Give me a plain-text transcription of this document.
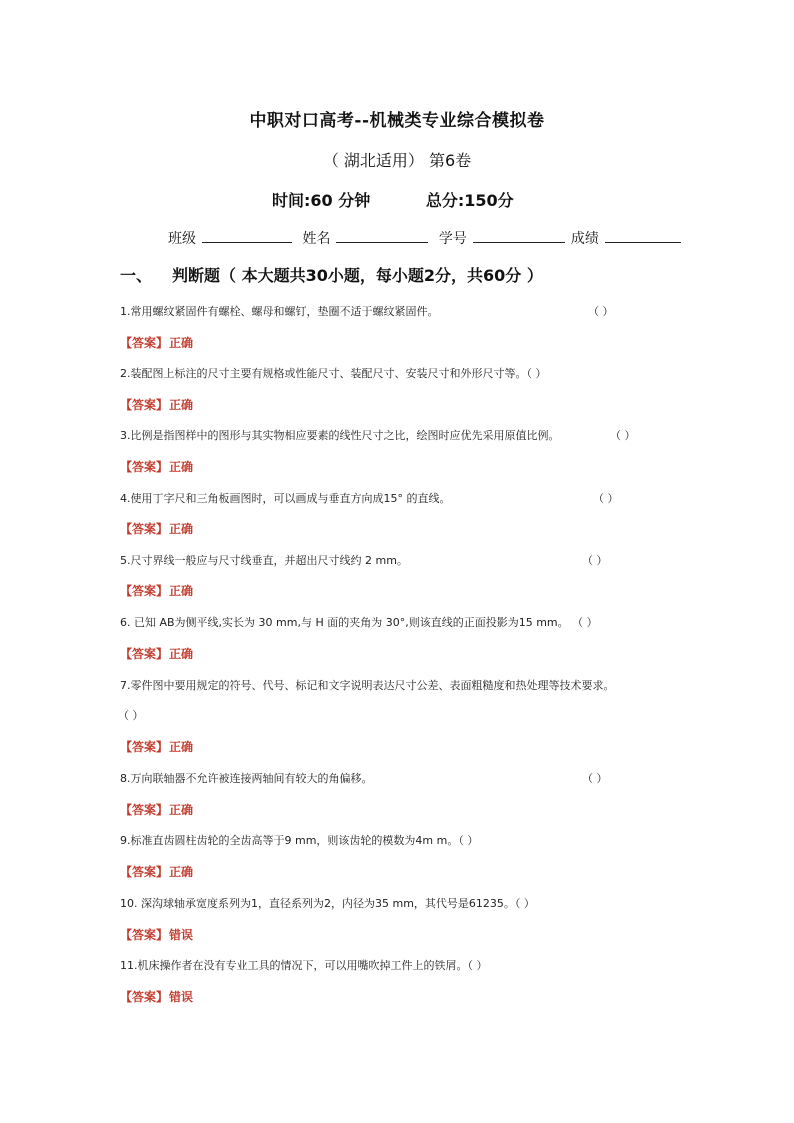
中职对口高考--机械类专业综合模拟卷
（ 湖北适用） 第6卷
时间:60 分钟	总分:150分
班级	姓名	学号	成绩
一、 判断题（ 本大题共30小题，每小题2分，共60分 ）
1.常用螺纹紧固件有螺栓、螺母和螺钉，垫圈不适于螺纹紧固件。	（ ）
【答案】正确
2.装配图上标注的尺寸主要有规格或性能尺寸、装配尺寸、安装尺寸和外形尺寸等。（ ）
【答案】正确
3.比例是指图样中的图形与其实物相应要素的线性尺寸之比，绘图时应优先采用原值比例。	（ ）
【答案】正确
4.使用丁字尺和三角板画图时，可以画成与垂直方向成15° 的直线。	（ ）
【答案】正确
5.尺寸界线一般应与尺寸线垂直，并超出尺寸线约 2 mm。	（ ）
【答案】正确
6. 已知 AB为侧平线,实长为 30 mm,与 H 面的夹角为 30°,则该直线的正面投影为15 mm。 （ ）
【答案】正确
7.零件图中要用规定的符号、代号、标记和文字说明表达尺寸公差、表面粗糙度和热处理等技术要求。
（ ）
【答案】正确
8.万向联轴器不允许被连接两轴间有较大的角偏移。	（ ）
【答案】正确
9.标准直齿圆柱齿轮的全齿高等于9 mm，则该齿轮的模数为4m m。（ ）
【答案】正确
10. 深沟球轴承宽度系列为1，直径系列为2，内径为35 mm，其代号是61235。（ ）
【答案】错误
11.机床操作者在没有专业工具的情况下，可以用嘴吹掉工件上的铁屑。（ ）
【答案】错误
